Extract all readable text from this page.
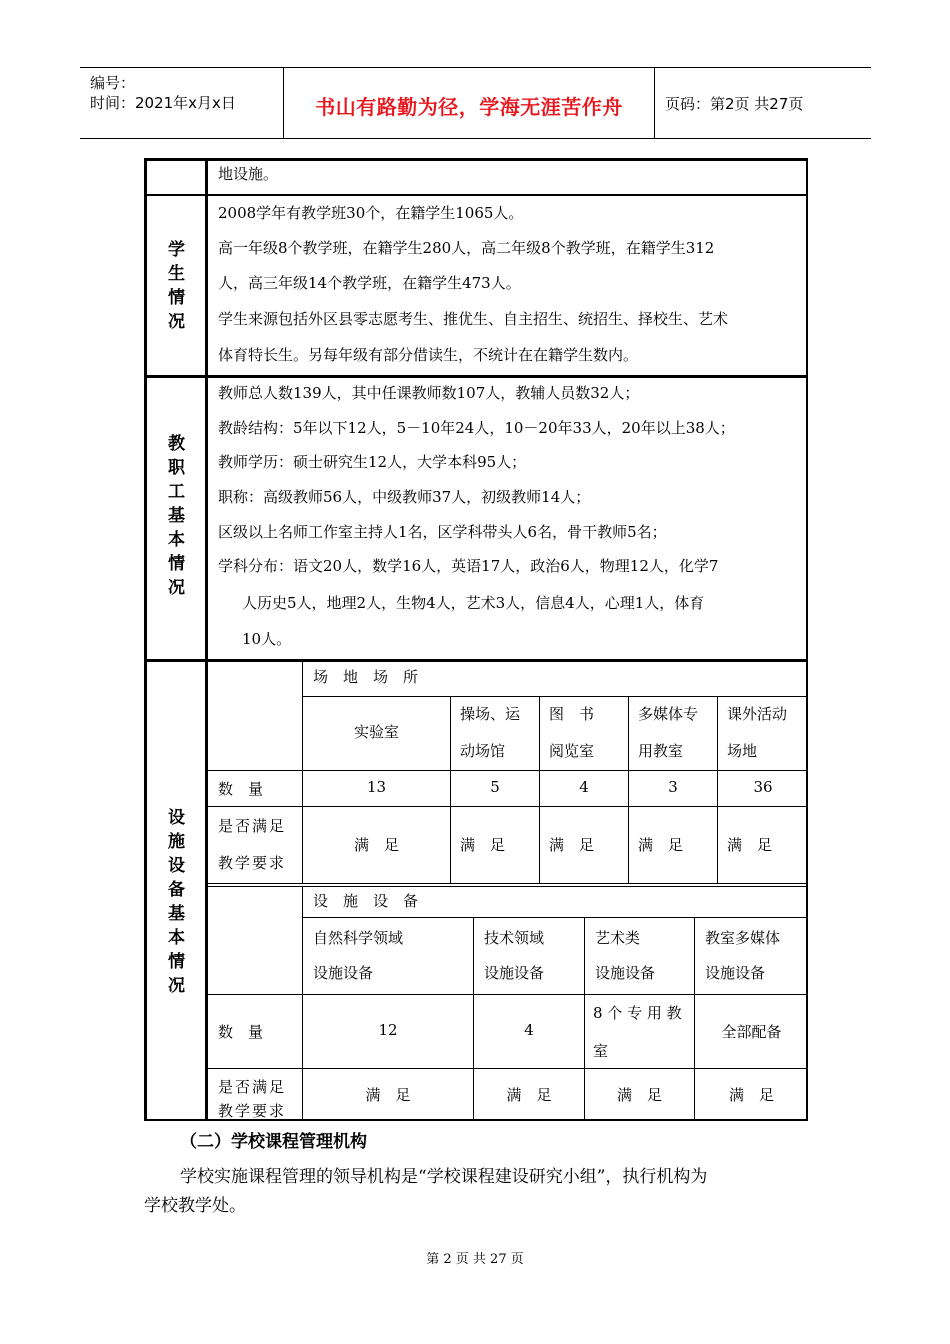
编号：
时间：2021年x月x日	书山有路勤为径，学海无涯苦作舟	页码：第2页 共27页
地设施。
学
生
情
况
2008学年有教学班30个，在籍学生1065人。
高一年级8个教学班，在籍学生280人，高二年级8个教学班，在籍学生312
人，高三年级14个教学班，在籍学生473人。
学生来源包括外区县零志愿考生、推优生、自主招生、统招生、择校生、艺术
体育特长生。另每年级有部分借读生，不统计在在籍学生数内。
教
职
工
基
本
情
况
教师总人数139人，其中任课教师数107人，教辅人员数32人；
教龄结构：5年以下12人，5－10年24人，10－20年33人，20年以上38人；
教师学历：硕士研究生12人，大学本科95人；
职称：高级教师56人，中级教师37人，初级教师14人；
区级以上名师工作室主持人1名，区学科带头人6名，骨干教师5名；
学科分布：语文20人，数学16人，英语17人，政治6人，物理12人，化学7
人历史5人，地理2人，生物4人，艺术3人，信息4人，心理1人，体育
10人。
设
施
设
备
基
本
情
况
场　地　场　所
实验室
13
满　足
操场、运
动场馆
5
满　足
图　书
阅览室
4
满　足
多媒体专
用教室
3
满　足
课外活动
场地
36
满　足
数　量
是否满足
教学要求
设　施　设　备
自然科学领域
设施设备
12
满　足
技术领域
设施设备
4
满　足
艺术类
设施设备
8 个 专 用 教
室
满　足
教室多媒体
设施设备
全部配备
满　足
数　量
是否满足
教学要求
（二）学校课程管理机构
学校实施课程管理的领导机构是“学校课程建设研究小组”，执行机构为
学校教学处。
第 2 页 共 27 页
